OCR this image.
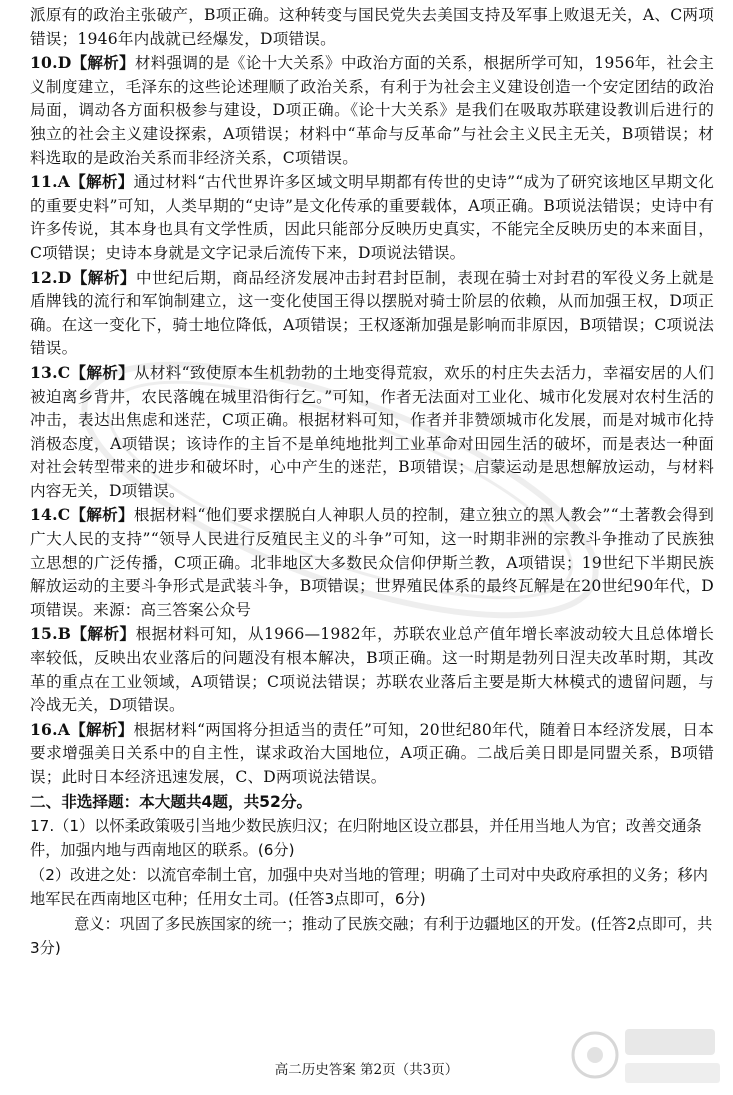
派原有的政治主张破产，B项正确。这种转变与国民党失去美国支持及军事上败退无关，A、C两项错误；1946年内战就已经爆发，D项错误。

10.D【解析】材料强调的是《论十大关系》中政治方面的关系，根据所学可知，1956年，社会主义制度建立，毛泽东的这些论述理顺了政治关系，有利于为社会主义建设创造一个安定团结的政治局面，调动各方面积极参与建设，D项正确。《论十大关系》是我们在吸取苏联建设教训后进行的独立的社会主义建设探索，A项错误；材料中“革命与反革命”与社会主义民主无关，B项错误；材料选取的是政治关系而非经济关系，C项错误。

11.A【解析】通过材料“古代世界许多区域文明早期都有传世的史诗”“成为了研究该地区早期文化的重要史料”可知，人类早期的“史诗”是文化传承的重要载体，A项正确。B项说法错误；史诗中有许多传说，其本身也具有文学性质，因此只能部分反映历史真实，不能完全反映历史的本来面目，C项错误；史诗本身就是文字记录后流传下来，D项说法错误。

12.D【解析】中世纪后期，商品经济发展冲击封君封臣制，表现在骑士对封君的军役义务上就是盾牌钱的流行和军饷制建立，这一变化使国王得以摆脱对骑士阶层的依赖，从而加强王权，D项正确。在这一变化下，骑士地位降低，A项错误；王权逐渐加强是影响而非原因，B项错误；C项说法错误。

13.C【解析】从材料“致使原本生机勃勃的土地变得荒寂，欢乐的村庄失去活力，幸福安居的人们被迫离乡背井，农民落魄在城里沿街行乞。”可知，作者无法面对工业化、城市化发展对农村生活的冲击，表达出焦虑和迷茫，C项正确。根据材料可知，作者并非赞颂城市化发展，而是对城市化持消极态度，A项错误；该诗作的主旨不是单纯地批判工业革命对田园生活的破坏，而是表达一种面对社会转型带来的进步和破坏时，心中产生的迷茫，B项错误；启蒙运动是思想解放运动，与材料内容无关，D项错误。

14.C【解析】根据材料“他们要求摆脱白人神职人员的控制，建立独立的黑人教会”“土著教会得到广大人民的支持”“领导人民进行反殖民主义的斗争”可知，这一时期非洲的宗教斗争推动了民族独立思想的广泛传播，C项正确。北非地区大多数民众信仰伊斯兰教，A项错误；19世纪下半期民族解放运动的主要斗争形式是武装斗争，B项错误；世界殖民体系的最终瓦解是在20世纪90年代，D项错误。来源：高三答案公众号

15.B【解析】根据材料可知，从1966—1982年，苏联农业总产值年增长率波动较大且总体增长率较低，反映出农业落后的问题没有根本解决，B项正确。这一时期是勃列日涅夫改革时期，其改革的重点在工业领域，A项错误；C项说法错误；苏联农业落后主要是斯大林模式的遗留问题，与冷战无关，D项错误。

16.A【解析】根据材料“两国将分担适当的责任”可知，20世纪80年代，随着日本经济发展，日本要求增强美日关系中的自主性，谋求政治大国地位，A项正确。二战后美日即是同盟关系，B项错误；此时日本经济迅速发展，C、D两项说法错误。

二、非选择题：本大题共4题，共52分。

17.（1）以怀柔政策吸引当地少数民族归汉；在归附地区设立郡县，并任用当地人为官；改善交通条件，加强内地与西南地区的联系。(6分)

（2）改进之处：以流官牵制土官，加强中央对当地的管理；明确了土司对中央政府承担的义务；移内地军民在西南地区屯种；任用女土司。(任答3点即可，6分)

意义：巩固了多民族国家的统一；推动了民族交融；有利于边疆地区的开发。(任答2点即可，共3分)

高二历史答案 第2页（共3页）
